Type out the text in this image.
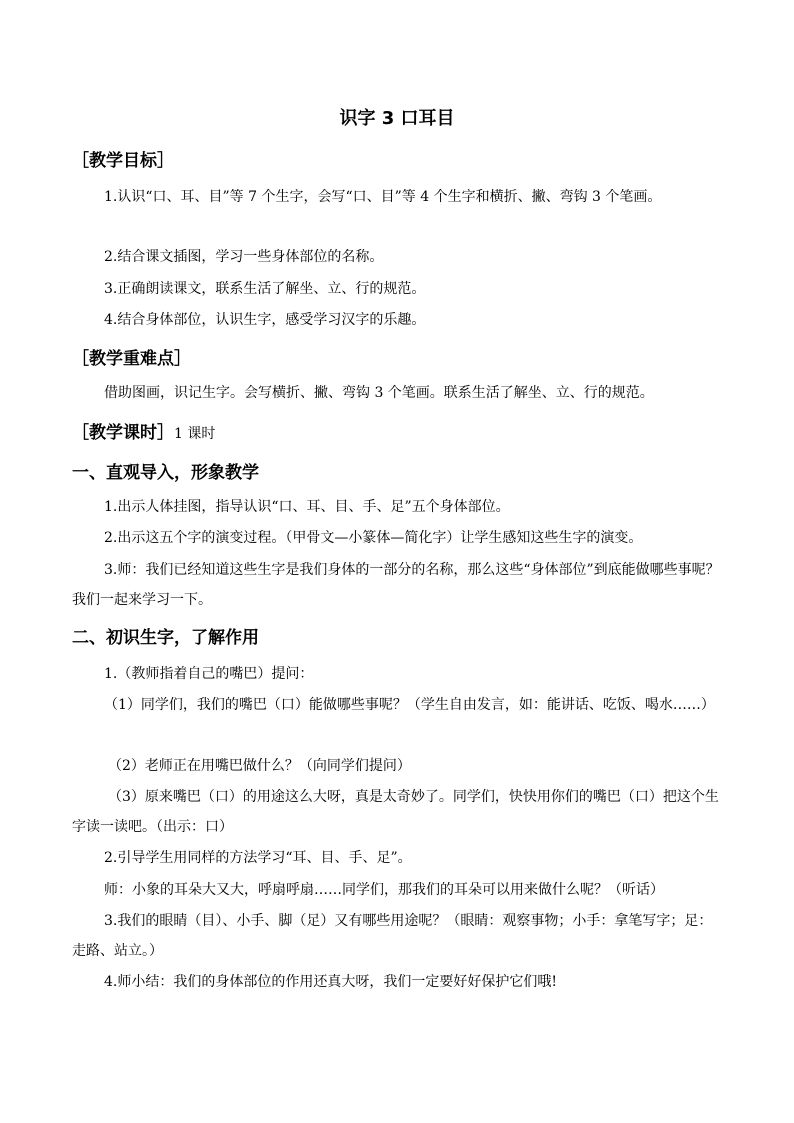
识字 3 口耳目
［教学目标］
1.认识“口、耳、目”等 7 个生字，会写“口、目”等 4 个生字和横折、撇、弯钩 3 个笔画。
2.结合课文插图，学习一些身体部位的名称。
3.正确朗读课文，联系生活了解坐、立、行的规范。
4.结合身体部位，认识生字，感受学习汉字的乐趣。
［教学重难点］
借助图画，识记生字。会写横折、撇、弯钩 3 个笔画。联系生活了解坐、立、行的规范。
［教学课时］1 课时
一、直观导入，形象教学
1.出示人体挂图，指导认识“口、耳、目、手、足”五个身体部位。
2.出示这五个字的演变过程。（甲骨文—小篆体—简化字）让学生感知这些生字的演变。
3.师：我们已经知道这些生字是我们身体的一部分的名称，那么这些“身体部位”到底能做哪些事呢？我们一起来学习一下。
二、初识生字，了解作用
1.（教师指着自己的嘴巴）提问：
（1）同学们，我们的嘴巴（口）能做哪些事呢？（学生自由发言，如：能讲话、吃饭、喝水……）
（2）老师正在用嘴巴做什么？（向同学们提问）
（3）原来嘴巴（口）的用途这么大呀，真是太奇妙了。同学们，快快用你们的嘴巴（口）把这个生字读一读吧。（出示：口）
2.引导学生用同样的方法学习“耳、目、手、足”。
师：小象的耳朵大又大，呼扇呼扇……同学们，那我们的耳朵可以用来做什么呢？（听话）
3.我们的眼睛（目）、小手、脚（足）又有哪些用途呢？（眼睛：观察事物；小手：拿笔写字；足：走路、站立。）
4.师小结：我们的身体部位的作用还真大呀，我们一定要好好保护它们哦!
